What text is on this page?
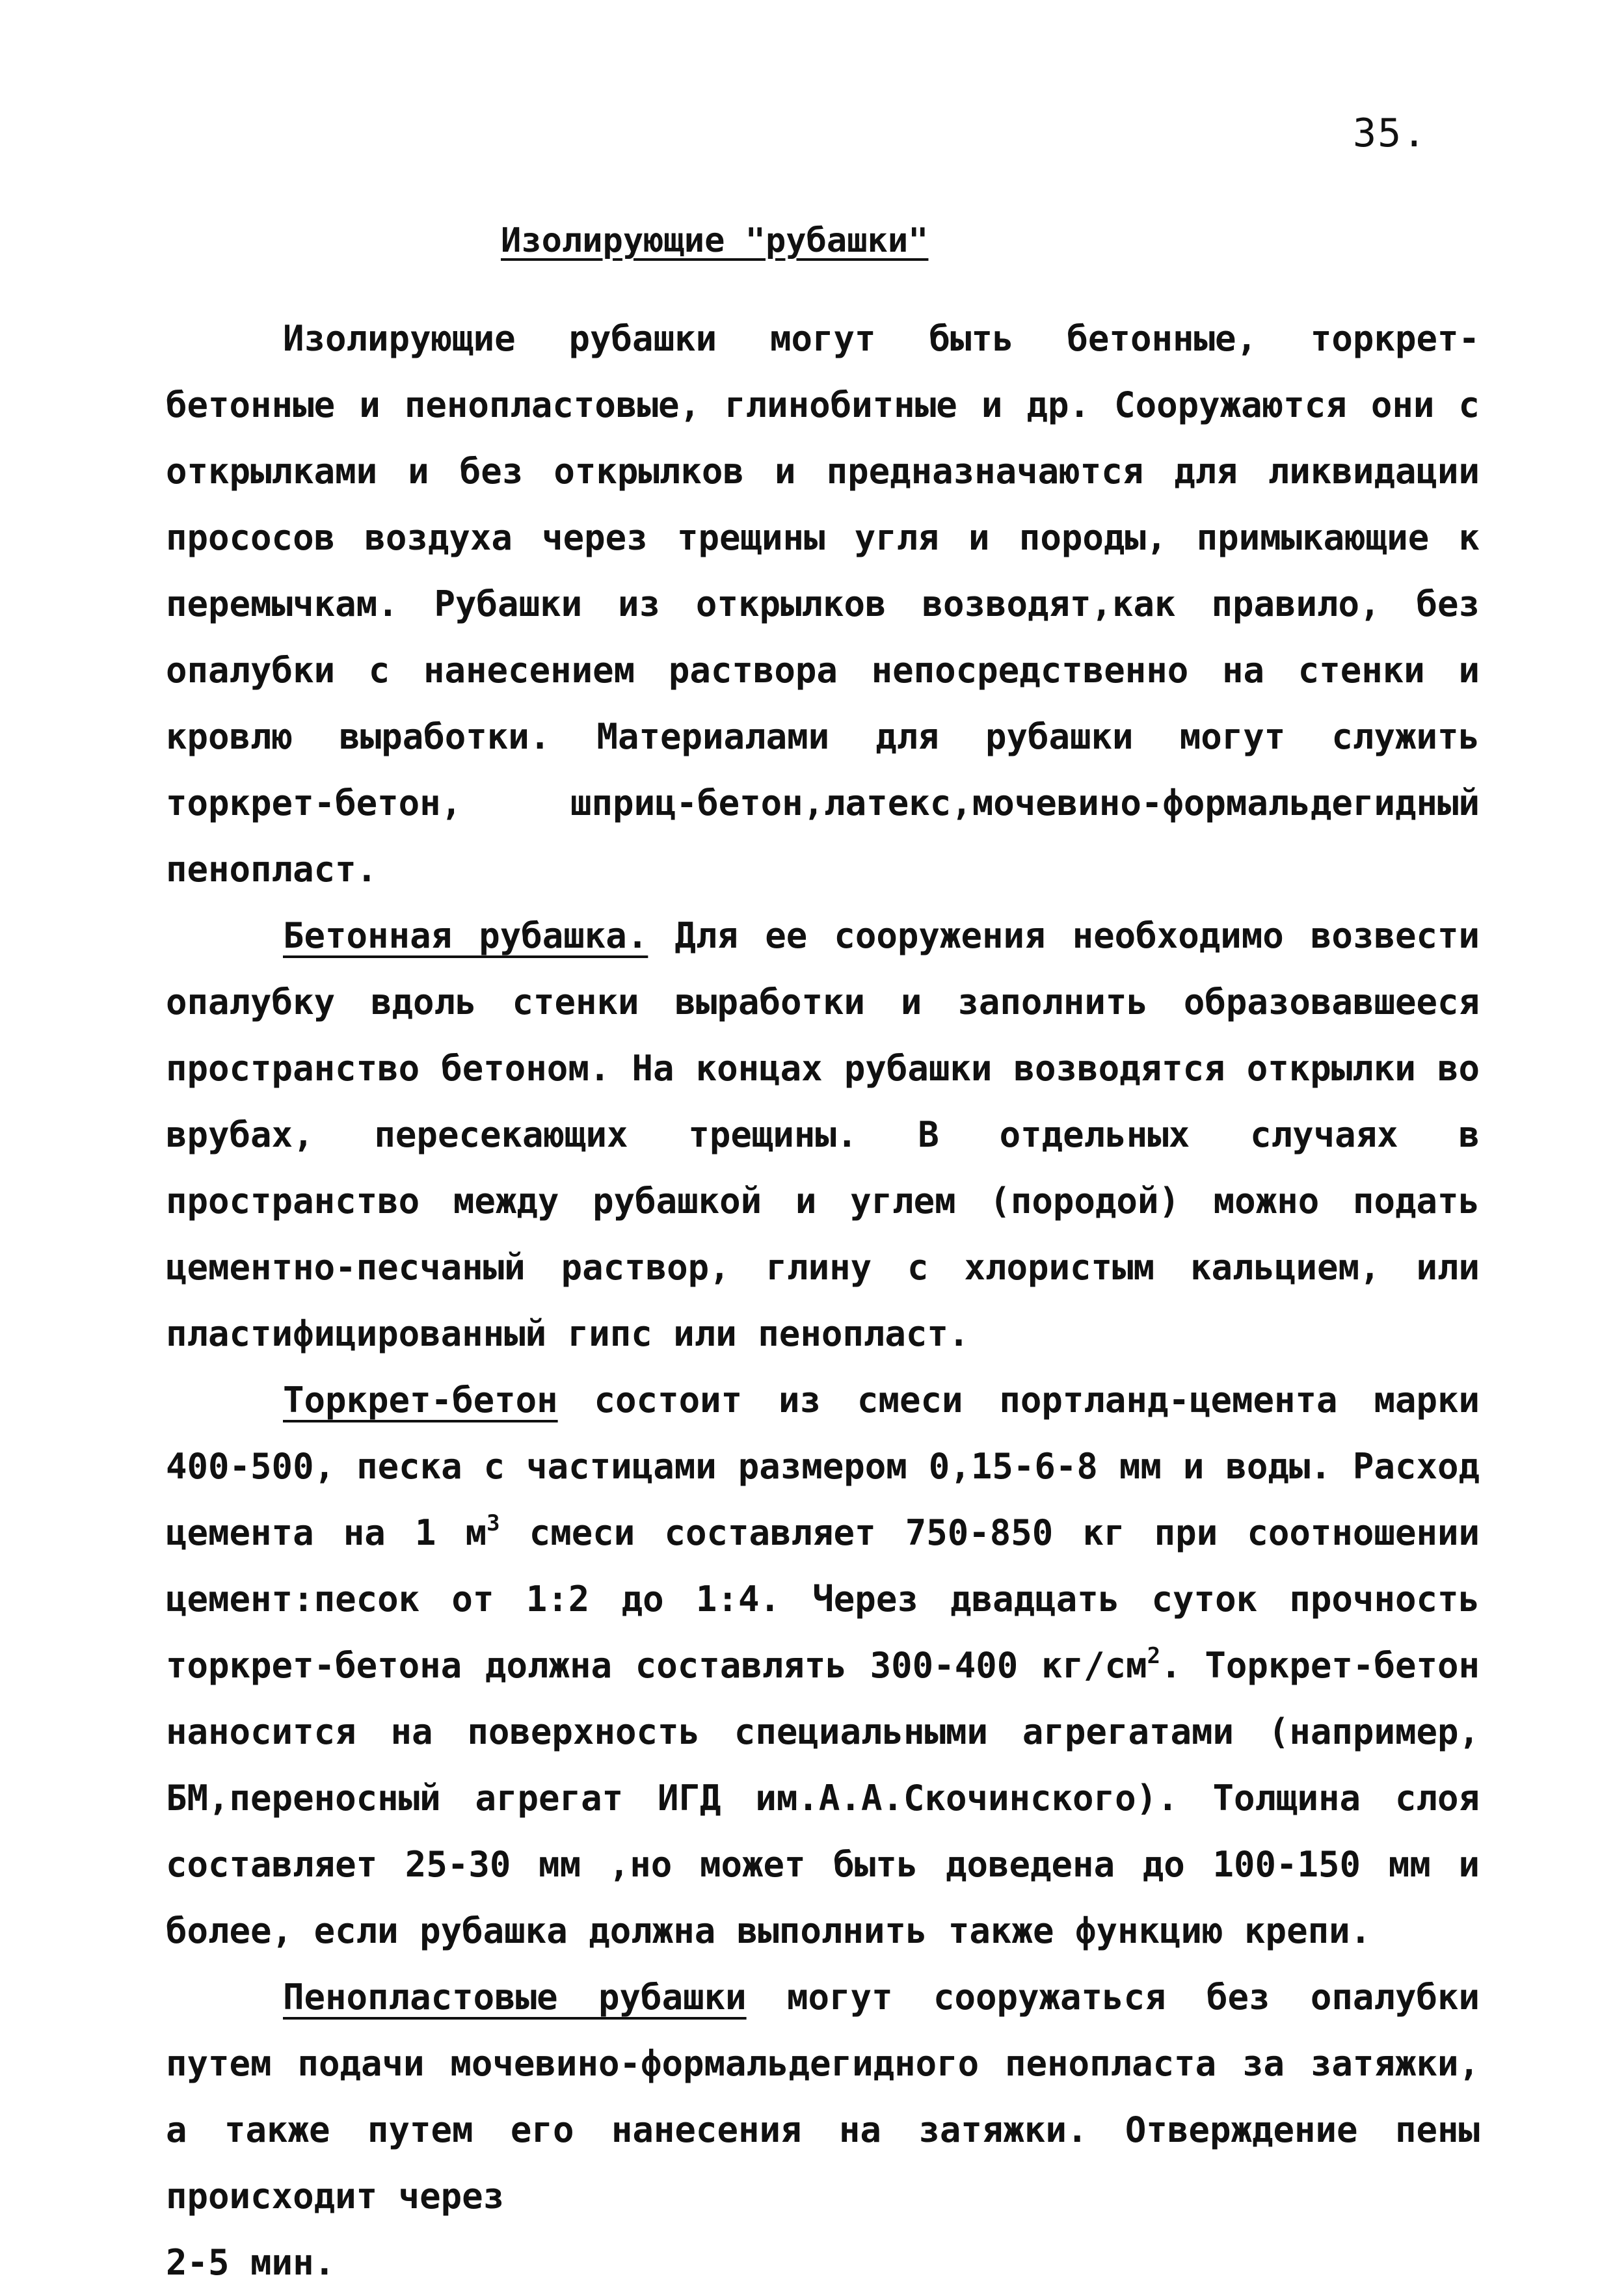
35.
Изолирующие "рубашки"

Изолирующие рубашки могут быть бетонные, торкрет-бетонные и пенопластовые, глинобитные и др. Сооружаются они с открылками и без открылков и предназначаются для ликвидации прососов воздуха через трещины угля и породы, примыкающие к перемычкам. Рубашки из открылков возводят,как правило, без опалубки с нанесением раствора непосредственно на стенки и кровлю выработки. Материалами для рубашки могут служить торкрет-бетон, шприц-бетон,латекс,мочевино-формальдегидный пенопласт.

Бетонная рубашка. Для ее сооружения необходимо возвести опалубку вдоль стенки выработки и заполнить образовавшееся пространство бетоном. На концах рубашки возводятся открылки во врубах, пересекающих трещины. В отдельных случаях в пространство между рубашкой и углем (породой) можно подать цементно-песчаный раствор, глину с хлористым кальцием, или пластифицированный гипс или пенопласт.

Торкрет-бетон состоит из смеси портланд-цемента марки 400-500, песка с частицами размером 0,15-6-8 мм и воды. Расход цемента на 1 $м^3$ смеси составляет 750-850 кг при соотношении цемент:песок от 1:2 до 1:4. Через двадцать суток прочность торкрет-бетона должна составлять 300-400 $кг/см^2$. Торкрет-бетон наносится на поверхность специальными агрегатами (например, БМ,переносный агрегат ИГД им.А.А.Скочинского). Толщина слоя составляет 25-30 мм ,но может быть доведена до 100-150 мм и более, если рубашка должна выполнить также функцию крепи.

Пенопластовые рубашки могут сооружаться без опалубки путем подачи мочевино-формальдегидного пенопласта за затяжки, а также путем его нанесения на затяжки. Отверждение пены происходит через

2-5 мин.
